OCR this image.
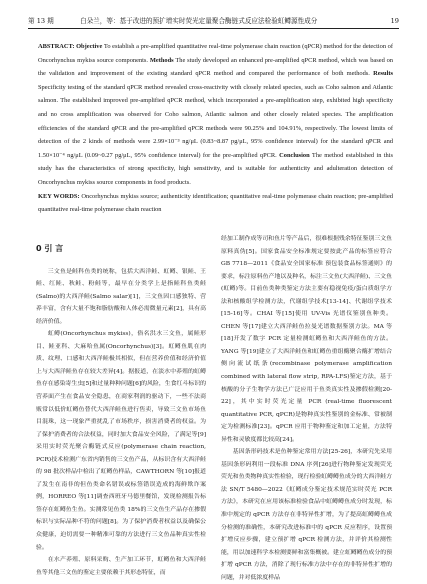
第 13 期	白朵兰，等：基于改进的预扩增实时荧光定量聚合酶链式反应法检验虹鳟源性成分	19

ABSTRACT: Objective To establish a pre-amplified quantitative real-time polymerase chain reaction (qPCR) method for the detection of Oncorhynchus mykiss source components. Methods The study developed an enhanced pre-amplified qPCR method, which was based on the validation and improvement of the existing standard qPCR method and compared the performance of both methods. Results Specificity testing of the standard qPCR method revealed cross-reactivity with closely related species, such as Coho salmon and Atlantic salmon. The established improved pre-amplified qPCR method, which incorporated a pre-amplification step, exhibited high specificity and no cross amplification was observed for Coho salmon, Atlantic salmon and other closely related species. The amplification efficiencies of the standard qPCR and the pre-amplified qPCR methods were 90.25% and 104.91%, respectively. The lowest limits of detection of the 2 kinds of methods were 2.99×10⁻³ ng/μL (0.83~8.87 pg/μL, 95% confidence interval) for the standard qPCR and 1.50×10⁻⁴ ng/μL (0.09~0.27 pg/μL, 95% confidence interval) for the pre-amplified qPCR. Conclusion The method established in this study has the characteristics of strong specificity, high sensitivity, and is suitable for authenticity and adulteration detection of Oncorhynchus mykiss source components in food products.

KEY WORDS: Oncorhynchus mykiss source; authenticity identification; quantitative real-time polymerase chain reaction; pre-amplified quantitative real-time polymerase chain reaction

0 引 言

三文鱼是鲑科鱼类的统称，包括大西洋鲑、虹鳟、银鲑、王鲑、红鲑、秋鲑、粉鲑等，最早在分类学上是指鲑科鱼类鲑(Salmo)的大西洋鲑(Salmo salar)[1]，三文鱼因口感独特、营养丰富，含有大量不饱和脂肪酸和人体必需微量元素[2]，具有高经济价值。

虹鳟(Oncorhynchus mykiss)，俗名洪水三文鱼，属鲑形目、鲑亚科、大麻哈鱼属(Oncorhynchus)[3]。虹鳟鱼肌在肉质、纹理、口感和大西洋鲑极其相似，但在营养价值和经济价值上与大西洋鲑鱼存在较大差异[4]。据报道，在淡水中养殖的虹鳟鱼存在感染寄生虫[5]和过量种种问题[6]的风险，生食红斗标识的营养面产生在食品安全隐患，在商家利润的驱动下，一些不法商贩常以低价虹鳟鱼替代大西洋鲑鱼进行售卖，导致三文鱼市场鱼目混珠，这一现象严重扰乱了市场秩序，损害消费者的权益。为了保护消费者的合法权益，同时加大食品安全风险，了满足等[9]采用实时荧光聚合酶链式反应(polymerase chain reaction, PCR)技术检测广东省内销售的三文鱼产品，从标识含有大西洋鲑的 98 批次样品中检出了虹鳟鱼样品，CAWTHORN 等[10]报道了发生在南非的但鱼类命名错误或标签错误造成的海鲜欺诈案例，HORREO 等[11]调查西班牙马德里餐馆，发现检测报告标签存在虹鳟鱼生鱼。实测常见鱼类 18%的三文鱼生产品存在掺假标识与实际品种不符的问题[8]。为了保护消费者权益以及确保公众健康，迫切需要一种精准可靠的方法进行三文鱼品种真实性检验。

在水产养殖、原料采购、生产加工环节，虹鳟鱼和大西洋鲑鱼等其他三文鱼的鉴定主要依赖于其形态特征，而

经加工制作成等司和鱼片等产品后，很难根据残余特征鉴别三文鱼原料真伪[5]。国家食品安全标准规定要按此产品的标签应符合 GB 7718—2011《食品安全国家标准 预包装食品标签通则》的要求，标注原料鱼产地以及种名，标注三文鱼(大西洋鲑)、三文鱼(虹鳟)等。目前鱼类种类鉴定方法主要有稳视免疫/蛋白质组学方法和核酸组学检测方法，代谢组学技术[13-14]、代谢组学技术[15-16]等。CHAI 等[15]使用 UV-Vis 光谱仪鉴别鱼种类。CHEN 等[17]建立大西洋鲑鱼拉曼光谱数据鉴别方法。MA 等[18]开发了数字 PCR 定量检测虹鳟鱼和大西洋鲑鱼的方法。YANG 等[19]建立了大西洋鲑鱼和虹鳟鱼重组酶聚合酶扩增结合侧向流试纸条(recombinase polymerase amplification combined with lateral flow strip, RPA-LFS)鉴定方法，基于核酸的分子生物学方法已广泛应用于鱼类真实性及掺假检测[20-22]，其中实时荧光定量 PCR (real-time fluorescent quantitative PCR, qPCR)是物种真实性鉴别的金标准、常被制定为检测标准[23]。qPCR 应用于物种鉴定和加工定量，方法特异性和灵敏度都比较高[24]。

基因条形码技术是鱼种鉴定常用方法[25-26]，本研究先采用基因条形码利用一段标准 DNA 序列[26]进行物种鉴定发现荧光荧光和鱼类物种真实性检验，现行检验虹鳟鳟鱼成分的大西洋鲑方法 SN/T 5480—2022《虹鳟成分鉴定技术规范实时荧光 PCR 方法》，本研究在应用该标准检验食品中虹鳟鳟鱼成分时发现，标准中规定的 qPCR 方法存在非特异性扩增，为了提高虹鳟鳟鱼成分检测的准确性，本研究改进标准中的 qPCR 反应程序，设置预扩增反应步骤，建立预扩增 qPCR 检测方法，并评价其检测性能，用以加速科学本检测要鲜和富集概被。建立虹鳟鳟鱼成分的预扩增 qPCR 方法，消除了现行标准方法中存在的非特异性扩增的问题，并对低浓度样品
